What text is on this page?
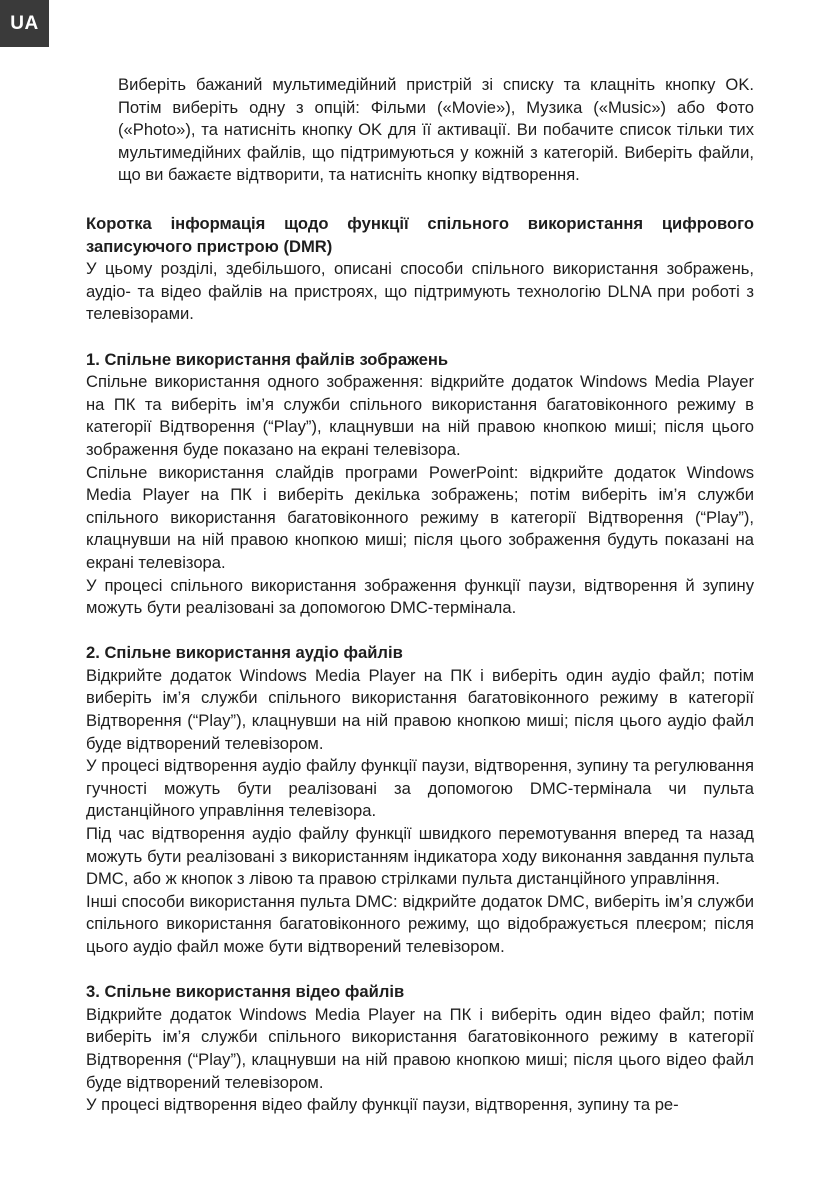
UA

Виберіть бажаний мультимедійний пристрій зі списку та клацніть кнопку OK. Потім виберіть одну з опцій: Фільми («Movie»), Музика («Music») або Фото («Photo»), та натисніть кнопку OK для її активації. Ви побачите список тільки тих мультимедійних файлів, що підтримуються у кожній з категорій. Виберіть файли, що ви бажаєте відтворити, та натисніть кнопку відтворення.

Коротка інформація щодо функції спільного використання цифрового записуючого пристрою (DMR)

У цьому розділі, здебільшого, описані способи спільного використання зображень, аудіо- та відео файлів на пристроях, що підтримують технологію DLNA при роботі з телевізорами.

1. Спільне використання файлів зображень

Спільне використання одного зображення: відкрийте додаток Windows Media Player на ПК та виберіть ім’я служби спільного використання багатовіконного режиму в категорії Відтворення (“Play”), клацнувши на ній правою кнопкою миші; після цього зображення буде показано на екрані телевізора.

Спільне використання слайдів програми PowerPoint: відкрийте додаток Windows Media Player на ПК і виберіть декілька зображень; потім виберіть ім’я служби спільного використання багатовіконного режиму в категорії Відтворення (“Play”), клацнувши на ній правою кнопкою миші; після цього зображення будуть показані на екрані телевізора.

У процесі спільного використання зображення функції паузи, відтворення й зупину можуть бути реалізовані за допомогою DMC-термінала.

2. Спільне використання аудіо файлів

Відкрийте додаток Windows Media Player на ПК і виберіть один аудіо файл; потім виберіть ім’я служби спільного використання багатовіконного режиму в категорії Відтворення (“Play”), клацнувши на ній правою кнопкою миші; після цього аудіо файл буде відтворений телевізором.

У процесі відтворення аудіо файлу функції паузи, відтворення, зупину та регулювання гучності можуть бути реалізовані за допомогою DMC-термінала чи пульта дистанційного управління телевізора.

Під час відтворення аудіо файлу функції швидкого перемотування вперед та назад можуть бути реалізовані з використанням індикатора ходу виконання завдання пульта DMC, або ж кнопок з лівою та правою стрілками пульта дистанційного управління.

Інші способи використання пульта DMC: відкрийте додаток DMC, виберіть ім’я служби спільного використання багатовіконного режиму, що відображується плеєром; після цього аудіо файл може бути відтворений телевізором.

3. Спільне використання відео файлів

Відкрийте додаток Windows Media Player на ПК і виберіть один відео файл; потім виберіть ім’я служби спільного використання багатовіконного режиму в категорії Відтворення (“Play”), клацнувши на ній правою кнопкою миші; після цього відео файл буде відтворений телевізором.

У процесі відтворення відео файлу функції паузи, відтворення, зупину та ре-
